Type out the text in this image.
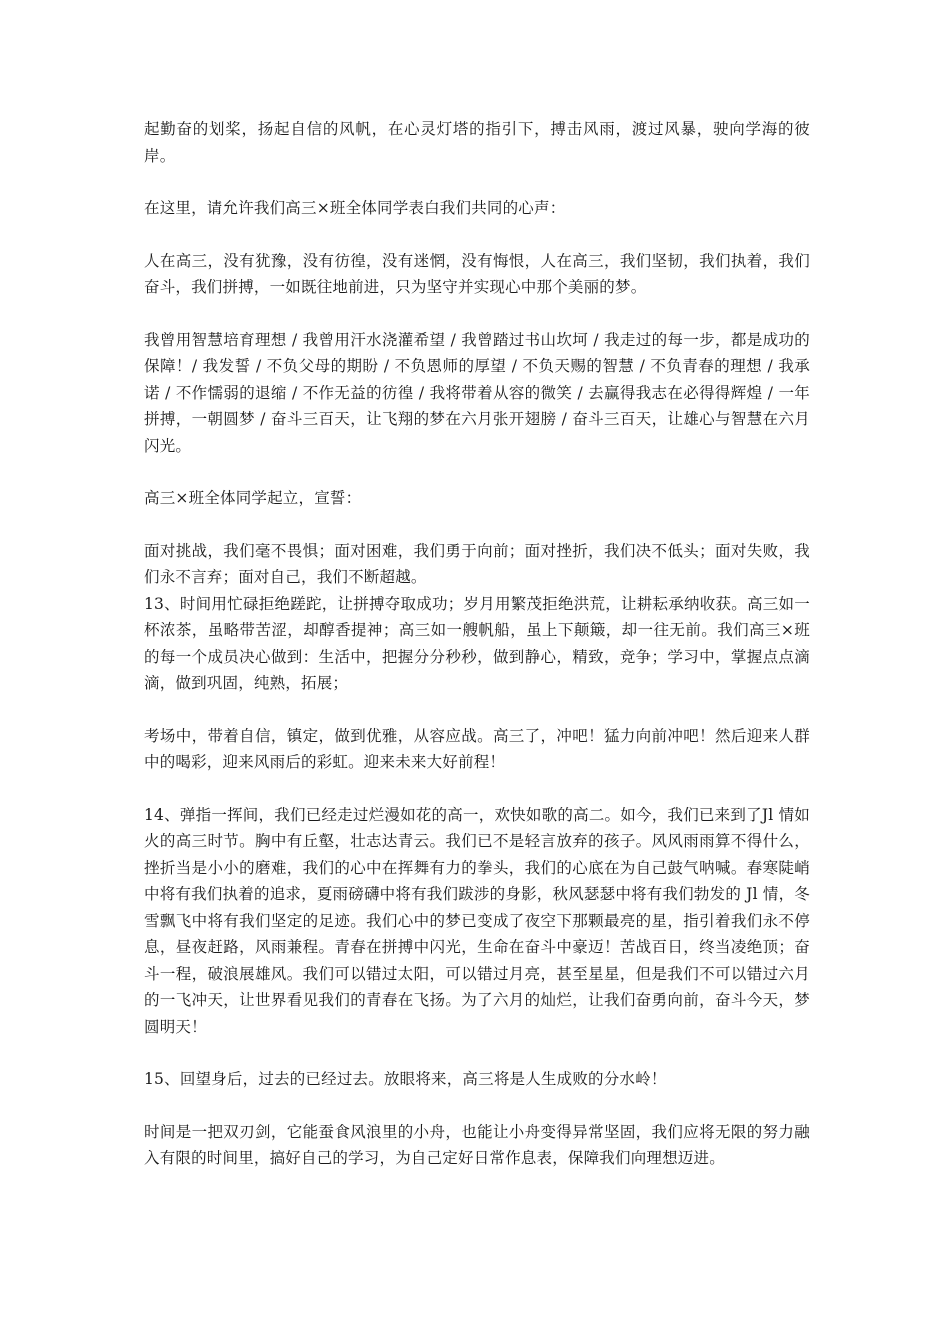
起勤奋的划桨，扬起自信的风帆，在心灵灯塔的指引下，搏击风雨，渡过风暴，驶向学海的彼岸。

在这里，请允许我们高三×班全体同学表白我们共同的心声：

人在高三，没有犹豫，没有彷徨，没有迷惘，没有悔恨，人在高三，我们坚韧，我们执着，我们奋斗，我们拼搏，一如既往地前进，只为坚守并实现心中那个美丽的梦。

我曾用智慧培育理想 / 我曾用汗水浇灌希望 / 我曾踏过书山坎坷 / 我走过的每一步，都是成功的保障！/ 我发誓 / 不负父母的期盼 / 不负恩师的厚望 / 不负天赐的智慧 / 不负青春的理想 / 我承诺 / 不作懦弱的退缩 / 不作无益的彷徨 / 我将带着从容的微笑 / 去赢得我志在必得得辉煌 / 一年拼搏，一朝圆梦 / 奋斗三百天，让飞翔的梦在六月张开翅膀 / 奋斗三百天，让雄心与智慧在六月闪光。

高三×班全体同学起立，宣誓：

面对挑战，我们毫不畏惧；面对困难，我们勇于向前；面对挫折，我们决不低头；面对失败，我们永不言弃；面对自己，我们不断超越。

13、时间用忙碌拒绝蹉跎，让拼搏夺取成功；岁月用繁茂拒绝洪荒，让耕耘承纳收获。高三如一杯浓茶，虽略带苦涩，却醇香提神；高三如一艘帆船，虽上下颠簸，却一往无前。我们高三×班的每一个成员决心做到：生活中，把握分分秒秒，做到静心，精致，竞争；学习中，掌握点点滴滴，做到巩固，纯熟，拓展；

考场中，带着自信，镇定，做到优雅，从容应战。高三了，冲吧！猛力向前冲吧！然后迎来人群中的喝彩，迎来风雨后的彩虹。迎来未来大好前程！

14、弹指一挥间，我们已经走过烂漫如花的高一，欢快如歌的高二。如今，我们已来到了Jl 情如火的高三时节。胸中有丘壑，壮志达青云。我们已不是轻言放弃的孩子。风风雨雨算不得什么，挫折当是小小的磨难，我们的心中在挥舞有力的拳头，我们的心底在为自己鼓气呐喊。春寒陡峭中将有我们执着的追求，夏雨磅礴中将有我们跋涉的身影，秋风瑟瑟中将有我们勃发的 Jl 情，冬雪飘飞中将有我们坚定的足迹。我们心中的梦已变成了夜空下那颗最亮的星，指引着我们永不停息，昼夜赶路，风雨兼程。青春在拼搏中闪光，生命在奋斗中豪迈！苦战百日，终当凌绝顶；奋斗一程，破浪展雄风。我们可以错过太阳，可以错过月亮，甚至星星，但是我们不可以错过六月的一飞冲天，让世界看见我们的青春在飞扬。为了六月的灿烂，让我们奋勇向前，奋斗今天，梦圆明天！

15、回望身后，过去的已经过去。放眼将来，高三将是人生成败的分水岭！

时间是一把双刃剑，它能蚕食风浪里的小舟，也能让小舟变得异常坚固，我们应将无限的努力融入有限的时间里，搞好自己的学习，为自己定好日常作息表，保障我们向理想迈进。
